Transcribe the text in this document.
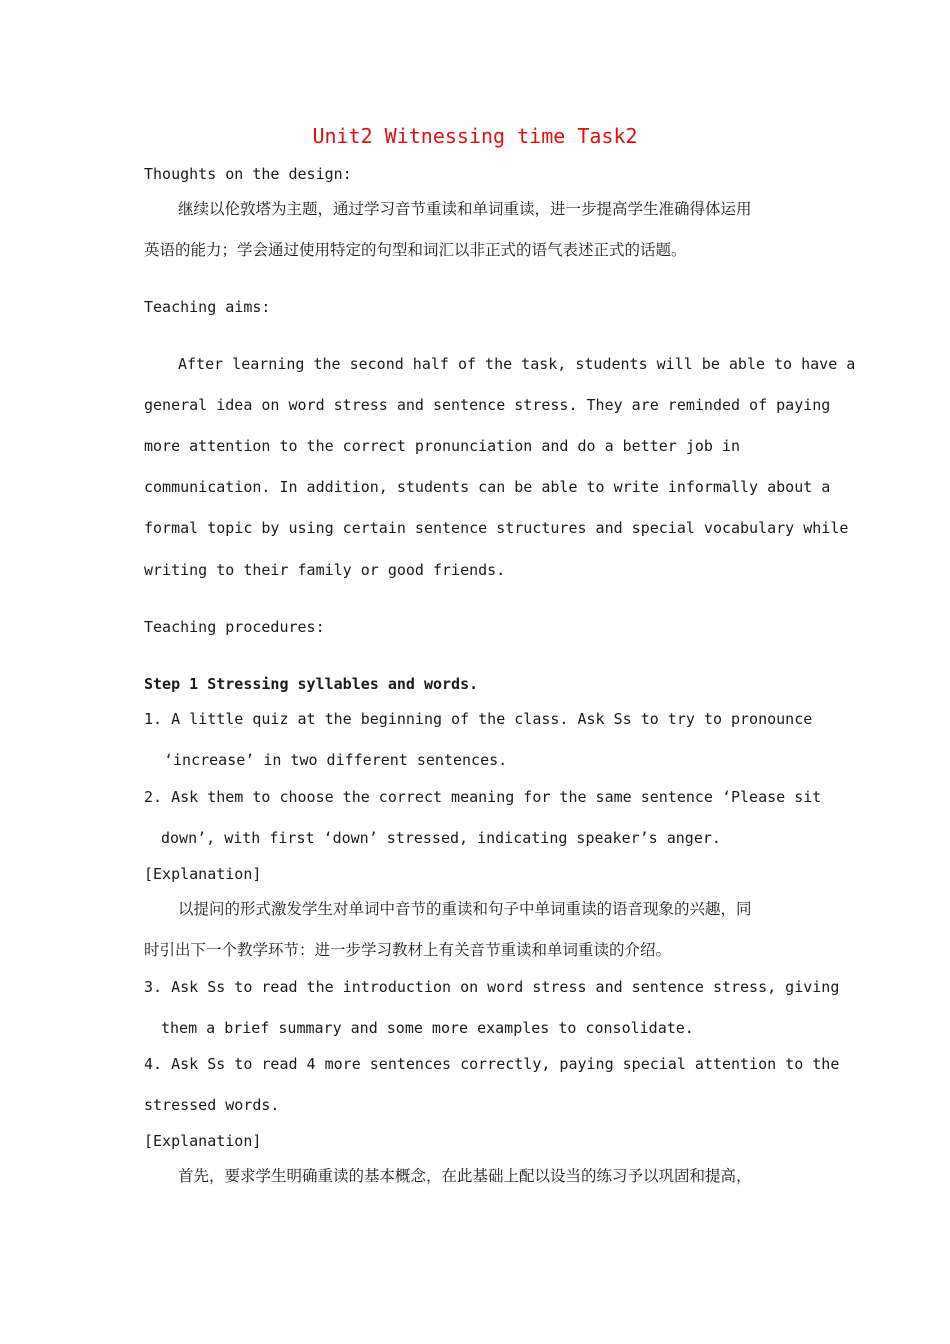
Unit2 Witnessing time Task2
Thoughts on the design:
继续以伦敦塔为主题，通过学习音节重读和单词重读，进一步提高学生准确得体运用
英语的能力；学会通过使用特定的句型和词汇以非正式的语气表述正式的话题。
Teaching aims:
After learning the second half of the task, students will be able to have a
general idea on word stress and sentence stress. They are reminded of paying
more attention to the correct pronunciation and do a better job in
communication. In addition, students can be able to write informally about a
formal topic by using certain sentence structures and special vocabulary while
writing to their family or good friends.
Teaching procedures:
Step 1 Stressing syllables and words.
1. A little quiz at the beginning of the class. Ask Ss to try to pronounce
‘increase’ in two different sentences.
2. Ask them to choose the correct meaning for the same sentence ‘Please sit
down’, with first ‘down’ stressed, indicating speaker’s anger.
[Explanation]
以提问的形式激发学生对单词中音节的重读和句子中单词重读的语音现象的兴趣，同
时引出下一个教学环节：进一步学习教材上有关音节重读和单词重读的介绍。
3. Ask Ss to read the introduction on word stress and sentence stress, giving
them a brief summary and some more examples to consolidate.
4. Ask Ss to read 4 more sentences correctly, paying special attention to the
stressed words.
[Explanation]
首先，要求学生明确重读的基本概念，在此基础上配以设当的练习予以巩固和提高，
